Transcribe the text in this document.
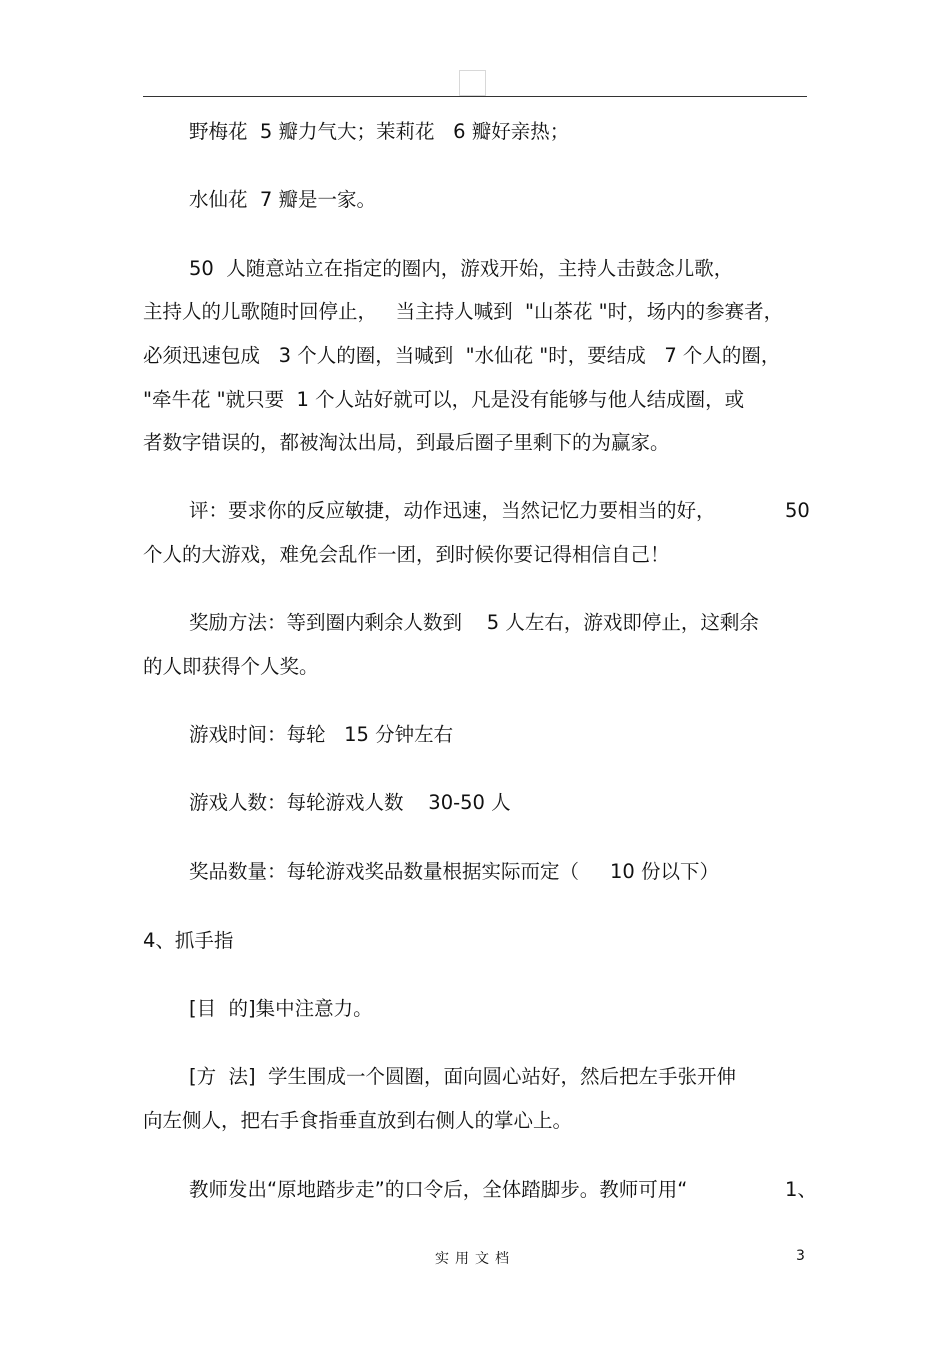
野梅花  5 瓣力气大；茉莉花   6 瓣好亲热；
水仙花  7 瓣是一家。
50  人随意站立在指定的圈内，游戏开始，主持人击鼓念儿歌，
主持人的儿歌随时回停止，   当主持人喊到  "山茶花 "时，场内的参赛者，
必须迅速包成   3 个人的圈，当喊到  "水仙花 "时，要结成   7 个人的圈，
"牵牛花 "就只要  1 个人站好就可以，凡是没有能够与他人结成圈，或
者数字错误的，都被淘汰出局，到最后圈子里剩下的为赢家。
评：要求你的反应敏捷，动作迅速，当然记忆力要相当的好，	50
个人的大游戏，难免会乱作一团，到时候你要记得相信自己！
奖励方法：等到圈内剩余人数到    5 人左右，游戏即停止，这剩余
的人即获得个人奖。
游戏时间：每轮   15 分钟左右
游戏人数：每轮游戏人数    30-50 人
奖品数量：每轮游戏奖品数量根据实际而定（     10 份以下）
4、抓手指
[目  的]集中注意力。
[方  法]  学生围成一个圆圈，面向圆心站好，然后把左手张开伸
向左侧人，把右手食指垂直放到右侧人的掌心上。
教师发出“原地踏步走”的口令后，全体踏脚步。教师可用“	1、
实用文档	3
